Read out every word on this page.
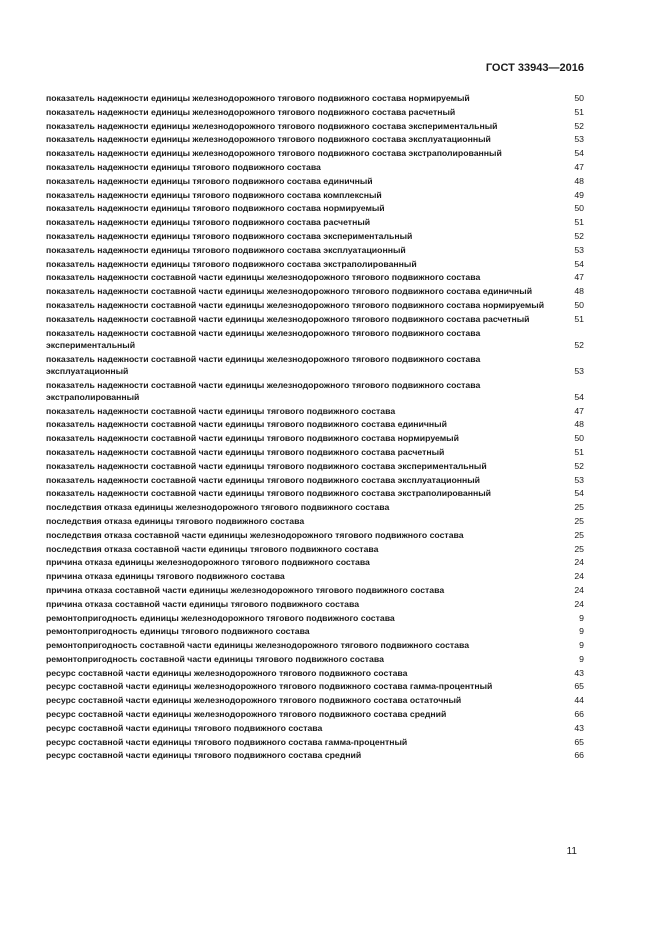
ГОСТ 33943—2016
показатель надежности единицы железнодорожного тягового подвижного состава нормируемый	50
показатель надежности единицы железнодорожного тягового подвижного состава расчетный	51
показатель надежности единицы железнодорожного тягового подвижного состава экспериментальный	52
показатель надежности единицы железнодорожного тягового подвижного состава эксплуатационный	53
показатель надежности единицы железнодорожного тягового подвижного состава экстраполированный	54
показатель надежности единицы тягового подвижного состава	47
показатель надежности единицы тягового подвижного состава единичный	48
показатель надежности единицы тягового подвижного состава комплексный	49
показатель надежности единицы тягового подвижного состава нормируемый	50
показатель надежности единицы тягового подвижного состава расчетный	51
показатель надежности единицы тягового подвижного состава экспериментальный	52
показатель надежности единицы тягового подвижного состава эксплуатационный	53
показатель надежности единицы тягового подвижного состава экстраполированный	54
показатель надежности составной части единицы железнодорожного тягового подвижного состава	47
показатель надежности составной части единицы железнодорожного тягового подвижного состава единичный	48
показатель надежности составной части единицы железнодорожного тягового подвижного состава нормируемый	50
показатель надежности составной части единицы железнодорожного тягового подвижного состава расчетный	51
показатель надежности составной части единицы железнодорожного тягового подвижного состава экспериментальный	52
показатель надежности составной части единицы железнодорожного тягового подвижного состава эксплуатационный	53
показатель надежности составной части единицы железнодорожного тягового подвижного состава экстраполированный	54
показатель надежности составной части единицы тягового подвижного состава	47
показатель надежности составной части единицы тягового подвижного состава единичный	48
показатель надежности составной части единицы тягового подвижного состава нормируемый	50
показатель надежности составной части единицы тягового подвижного состава расчетный	51
показатель надежности составной части единицы тягового подвижного состава экспериментальный	52
показатель надежности составной части единицы тягового подвижного состава эксплуатационный	53
показатель надежности составной части единицы тягового подвижного состава экстраполированный	54
последствия отказа единицы железнодорожного тягового подвижного состава	25
последствия отказа единицы тягового подвижного состава	25
последствия отказа составной части единицы железнодорожного тягового подвижного состава	25
последствия отказа составной части единицы тягового подвижного состава	25
причина отказа единицы железнодорожного тягового подвижного состава	24
причина отказа единицы тягового подвижного состава	24
причина отказа составной части единицы железнодорожного тягового подвижного состава	24
причина отказа составной части единицы тягового подвижного состава	24
ремонтопригодность единицы железнодорожного тягового подвижного состава	9
ремонтопригодность единицы тягового подвижного состава	9
ремонтопригодность составной части единицы железнодорожного тягового подвижного состава	9
ремонтопригодность составной части единицы тягового подвижного состава	9
ресурс составной части единицы железнодорожного тягового подвижного состава	43
ресурс составной части единицы железнодорожного тягового подвижного состава гамма-процентный	65
ресурс составной части единицы железнодорожного тягового подвижного состава остаточный	44
ресурс составной части единицы железнодорожного тягового подвижного состава средний	66
ресурс составной части единицы тягового подвижного состава	43
ресурс составной части единицы тягового подвижного состава гамма-процентный	65
ресурс составной части единицы тягового подвижного состава средний	66
11
